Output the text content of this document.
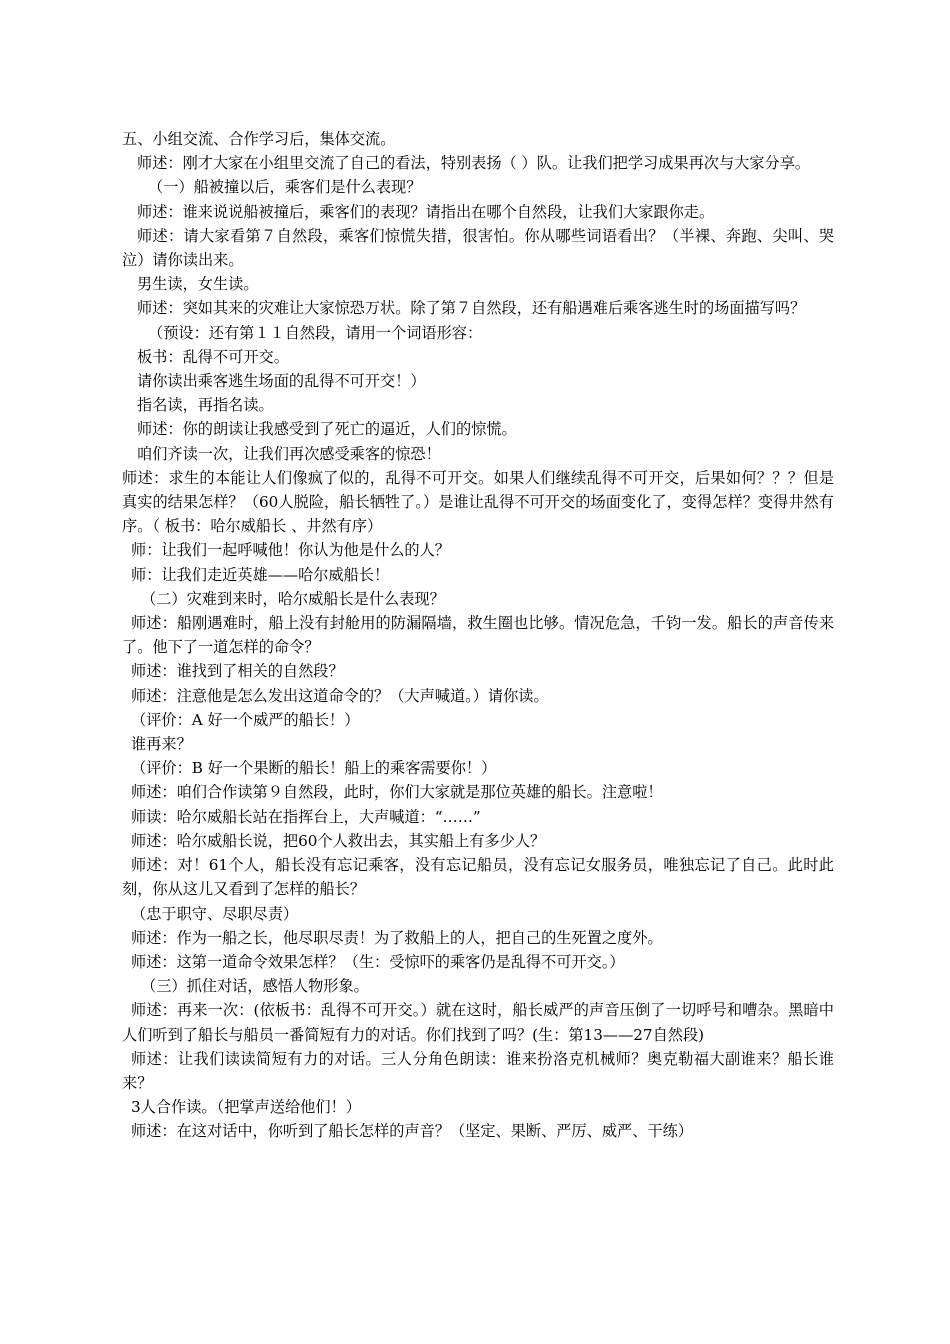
五、小组交流、合作学习后，集体交流。

师述：刚才大家在小组里交流了自己的看法，特别表扬（ ）队。让我们把学习成果再次与大家分享。

（一）船被撞以后，乘客们是什么表现？

师述：谁来说说船被撞后，乘客们的表现？请指出在哪个自然段，让我们大家跟你走。

师述：请大家看第７自然段，乘客们惊慌失措，很害怕。你从哪些词语看出？（半裸、奔跑、尖叫、哭泣）请你读出来。

男生读，女生读。

师述：突如其来的灾难让大家惊恐万状。除了第７自然段，还有船遇难后乘客逃生时的场面描写吗？

（预设：还有第１１自然段，请用一个词语形容：

板书：乱得不可开交。

请你读出乘客逃生场面的乱得不可开交！）

指名读，再指名读。

师述：你的朗读让我感受到了死亡的逼近，人们的惊慌。

咱们齐读一次，让我们再次感受乘客的惊恐！

师述：求生的本能让人们像疯了似的，乱得不可开交。如果人们继续乱得不可开交，后果如何？？？但是真实的结果怎样？（60人脱险，船长牺牲了。）是谁让乱得不可开交的场面变化了，变得怎样？变得井然有序。（ 板书：哈尔威船长 、井然有序）

师：让我们一起呼喊他！你认为他是什么的人？

师：让我们走近英雄——哈尔威船长！

（二）灾难到来时，哈尔威船长是什么表现？

师述：船刚遇难时，船上没有封舱用的防漏隔墙，救生圈也比够。情况危急，千钧一发。船长的声音传来了。他下了一道怎样的命令？

师述：谁找到了相关的自然段？

师述：注意他是怎么发出这道命令的？（大声喊道。）请你读。

（评价：A 好一个威严的船长！）

谁再来？

（评价：B 好一个果断的船长！船上的乘客需要你！）

师述：咱们合作读第９自然段，此时，你们大家就是那位英雄的船长。注意啦！

师读：哈尔威船长站在指挥台上，大声喊道：“……”

师述：哈尔威船长说，把60个人救出去，其实船上有多少人？

师述：对！61个人，船长没有忘记乘客，没有忘记船员，没有忘记女服务员，唯独忘记了自己。此时此刻，你从这儿又看到了怎样的船长？

（忠于职守、尽职尽责）

师述：作为一船之长，他尽职尽责！为了救船上的人，把自己的生死置之度外。

师述：这第一道命令效果怎样？（生：受惊吓的乘客仍是乱得不可开交。）

（三）抓住对话，感悟人物形象。

师述：再来一次：(依板书：乱得不可开交。）就在这时，船长威严的声音压倒了一切呼号和嘈杂。黑暗中人们听到了船长与船员一番简短有力的对话。你们找到了吗？(生：第13——27自然段)

师述：让我们读读简短有力的对话。三人分角色朗读：谁来扮洛克机械师？奥克勒福大副谁来？船长谁来？

3人合作读。（把掌声送给他们！）

师述：在这对话中，你听到了船长怎样的声音？（坚定、果断、严厉、威严、干练）
